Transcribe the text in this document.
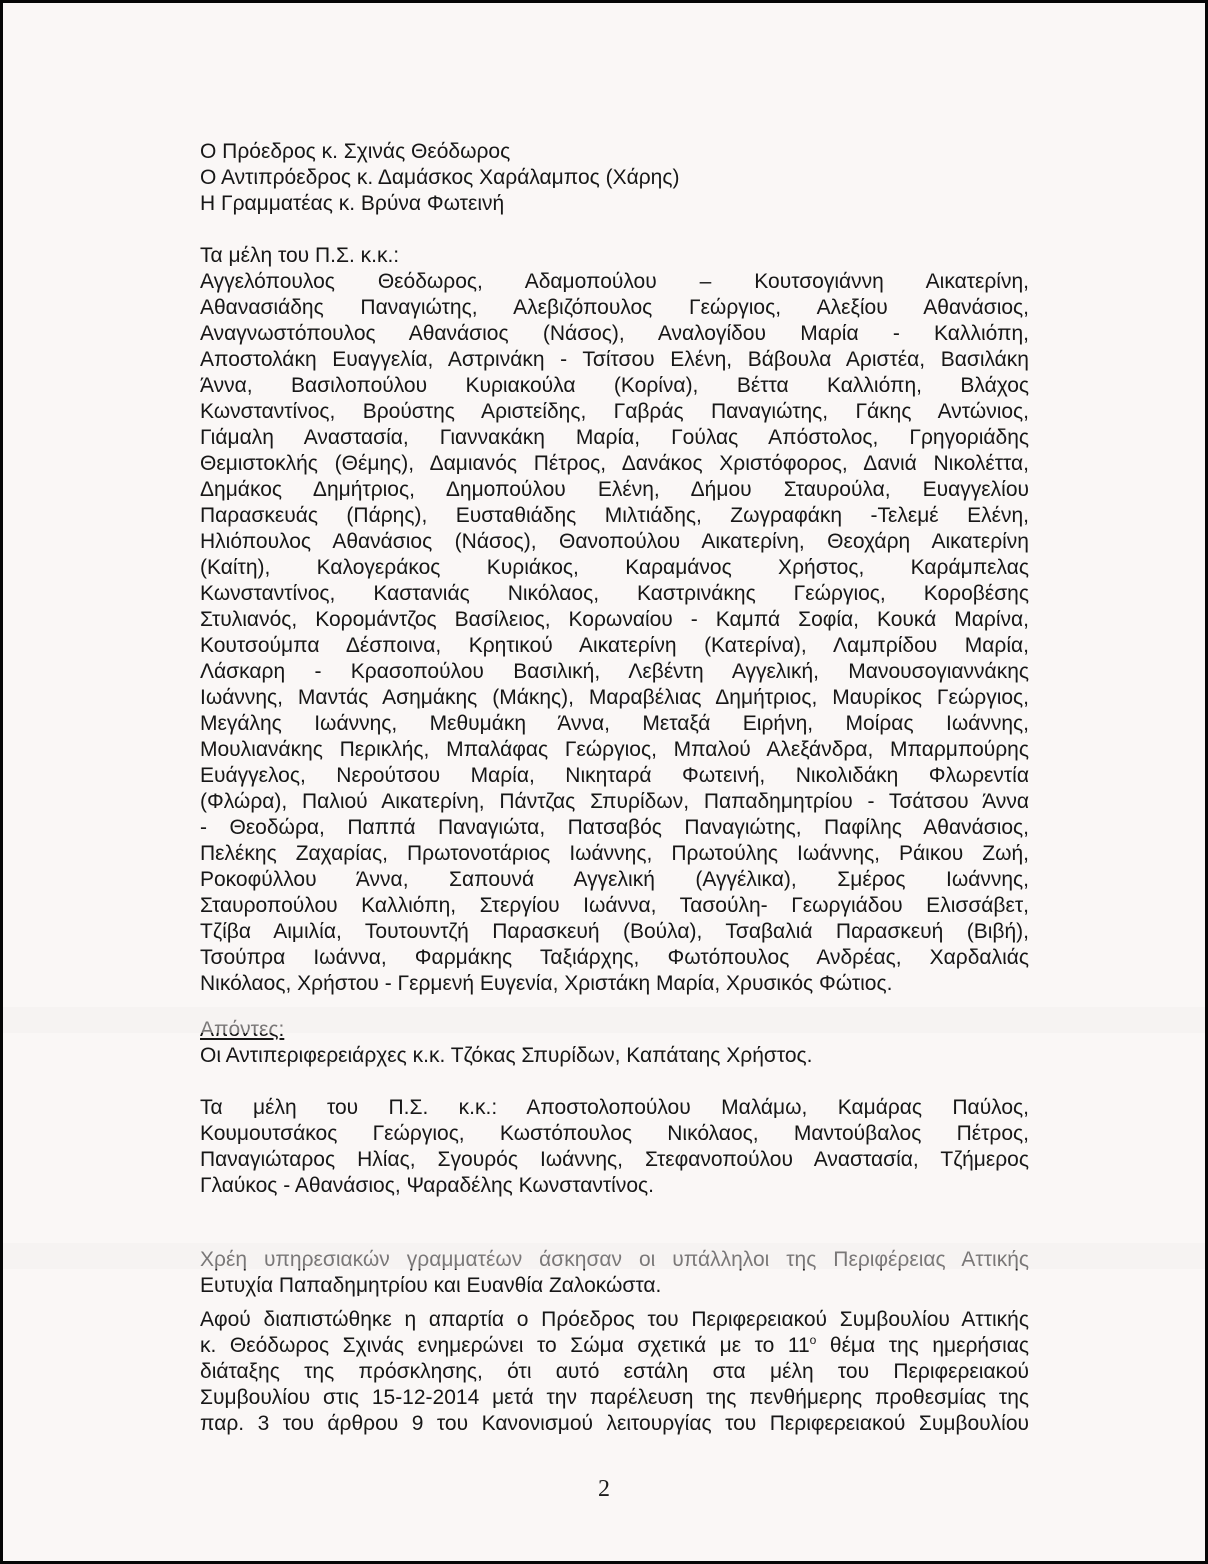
Ο Πρόεδρος κ. Σχινάς Θεόδωρος
Ο Αντιπρόεδρος κ. Δαμάσκος Χαράλαμπος (Χάρης)
Η Γραμματέας κ. Βρύνα Φωτεινή
Τα μέλη του Π.Σ. κ.κ.:
Αγγελόπουλος Θεόδωρος, Αδαμοπούλου – Κουτσογιάννη Αικατερίνη,
Αθανασιάδης Παναγιώτης, Αλεβιζόπουλος Γεώργιος, Αλεξίου Αθανάσιος,
Αναγνωστόπουλος Αθανάσιος (Νάσος), Αναλογίδου Μαρία - Καλλιόπη,
Αποστολάκη Ευαγγελία, Αστρινάκη - Τσίτσου Ελένη, Βάβουλα Αριστέα, Βασιλάκη
Άννα, Βασιλοπούλου Κυριακούλα (Κορίνα), Βέττα Καλλιόπη, Βλάχος
Κωνσταντίνος, Βρούστης Αριστείδης, Γαβράς Παναγιώτης, Γάκης Αντώνιος,
Γιάμαλη Αναστασία, Γιαννακάκη Μαρία, Γούλας Απόστολος, Γρηγοριάδης
Θεμιστοκλής (Θέμης), Δαμιανός Πέτρος, Δανάκος Χριστόφορος, Δανιά Νικολέττα,
Δημάκος Δημήτριος, Δημοπούλου Ελένη, Δήμου Σταυρούλα, Ευαγγελίου
Παρασκευάς (Πάρης), Ευσταθιάδης Μιλτιάδης, Ζωγραφάκη -Τελεμέ Ελένη,
Ηλιόπουλος Αθανάσιος (Νάσος), Θανοπούλου Αικατερίνη, Θεοχάρη Αικατερίνη
(Καίτη), Καλογεράκος Κυριάκος, Καραμάνος Χρήστος, Καράμπελας
Κωνσταντίνος, Καστανιάς Νικόλαος, Καστρινάκης Γεώργιος, Κοροβέσης
Στυλιανός, Κορομάντζος Βασίλειος, Κορωναίου - Καμπά Σοφία, Κουκά Μαρίνα,
Κουτσούμπα Δέσποινα, Κρητικού Αικατερίνη (Κατερίνα), Λαμπρίδου Μαρία,
Λάσκαρη - Κρασοπούλου Βασιλική, Λεβέντη Αγγελική, Μανουσογιαννάκης
Ιωάννης, Μαντάς Ασημάκης (Μάκης), Μαραβέλιας Δημήτριος, Μαυρίκος Γεώργιος,
Μεγάλης Ιωάννης, Μεθυμάκη Άννα, Μεταξά Ειρήνη, Μοίρας Ιωάννης,
Μουλιανάκης Περικλής, Μπαλάφας Γεώργιος, Μπαλού Αλεξάνδρα, Μπαρμπούρης
Ευάγγελος, Νερούτσου Μαρία, Νικηταρά Φωτεινή, Νικολιδάκη Φλωρεντία
(Φλώρα), Παλιού Αικατερίνη, Πάντζας Σπυρίδων, Παπαδημητρίου - Τσάτσου Άννα
- Θεοδώρα, Παππά Παναγιώτα, Πατσαβός Παναγιώτης, Παφίλης Αθανάσιος,
Πελέκης Ζαχαρίας, Πρωτονοτάριος Ιωάννης, Πρωτούλης Ιωάννης, Ράικου Ζωή,
Ροκοφύλλου Άννα, Σαπουνά Αγγελική (Αγγέλικα), Σμέρος Ιωάννης,
Σταυροπούλου Καλλιόπη, Στεργίου Ιωάννα, Τασούλη- Γεωργιάδου Ελισσάβετ,
Τζίβα Αιμιλία, Τουτουντζή Παρασκευή (Βούλα), Τσαβαλιά Παρασκευή (Βιβή),
Τσούπρα Ιωάννα, Φαρμάκης Ταξιάρχης, Φωτόπουλος Ανδρέας, Χαρδαλιάς
Νικόλαος, Χρήστου - Γερμενή Ευγενία, Χριστάκη Μαρία, Χρυσικός Φώτιος.
Απόντες:
Οι Αντιπεριφερειάρχες κ.κ. Τζόκας Σπυρίδων, Καπάταης Χρήστος.
Τα μέλη του Π.Σ. κ.κ.: Αποστολοπούλου Μαλάμω, Καμάρας Παύλος,
Κουμουτσάκος Γεώργιος, Κωστόπουλος Νικόλαος, Μαντούβαλος Πέτρος,
Παναγιώταρος Ηλίας, Σγουρός Ιωάννης, Στεφανοπούλου Αναστασία, Τζήμερος
Γλαύκος - Αθανάσιος, Ψαραδέλης Κωνσταντίνος.
Χρέη υπηρεσιακών γραμματέων άσκησαν οι υπάλληλοι της Περιφέρειας Αττικής
Ευτυχία Παπαδημητρίου και Ευανθία Ζαλοκώστα.
Αφού διαπιστώθηκε η απαρτία ο Πρόεδρος του Περιφερειακού Συμβουλίου Αττικής
κ. Θεόδωρος Σχινάς ενημερώνει το Σώμα σχετικά με το $11^o$ θέμα της ημερήσιας
διάταξης της πρόσκλησης, ότι αυτό εστάλη στα μέλη του Περιφερειακού
Συμβουλίου στις 15-12-2014 μετά την παρέλευση της πενθήμερης προθεσμίας της
παρ. 3 του άρθρου 9 του Κανονισμού λειτουργίας του Περιφερειακού Συμβουλίου
2
